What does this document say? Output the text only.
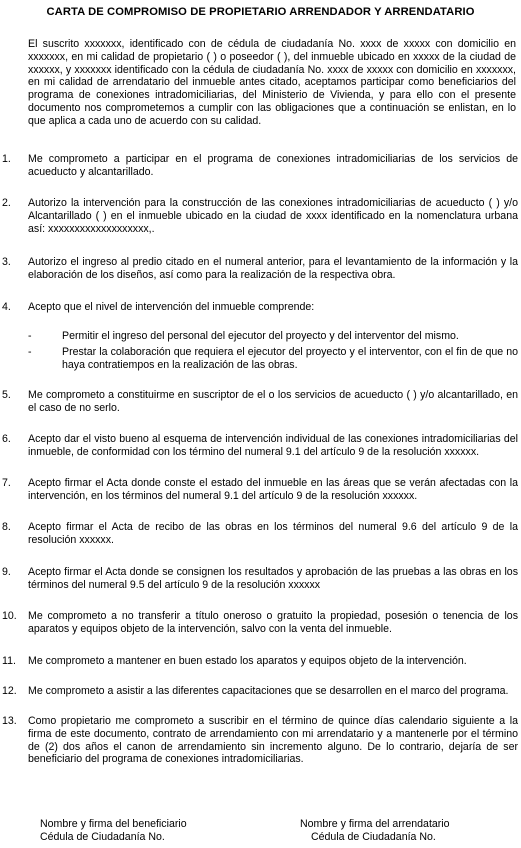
CARTA DE COMPROMISO DE PROPIETARIO ARRENDADOR Y ARRENDATARIO
El suscrito xxxxxxx, identificado con de cédula de ciudadanía No. xxxx de xxxxx con domicilio en xxxxxxx, en mi calidad de propietario ( ) o poseedor ( ), del inmueble ubicado en xxxxx de la ciudad de xxxxxx, y xxxxxxx identificado con la cédula de ciudadanía No. xxxx de xxxxx con domicilio en xxxxxxx, en mi calidad de arrendatario del inmueble antes citado, aceptamos participar como beneficiarios del programa de conexiones intradomiciliarias, del Ministerio de Vivienda, y para ello con el presente documento nos comprometemos a cumplir con las obligaciones que a continuación se enlistan, en lo que aplica a cada uno de acuerdo con su calidad.
1. Me comprometo a participar en el programa de conexiones intradomiciliarias de los servicios de acueducto y alcantarillado.
2. Autorizo la intervención para la construcción de las conexiones intradomiciliarias de acueducto ( ) y/o Alcantarillado ( ) en el inmueble ubicado en la ciudad de xxxx identificado en la nomenclatura urbana así: xxxxxxxxxxxxxxxxxxx,.
3. Autorizo el ingreso al predio citado en el numeral anterior, para el levantamiento de la información y la elaboración de los diseños, así como para la realización de la respectiva obra.
4. Acepto que el nivel de intervención del inmueble comprende:
-	Permitir el ingreso del personal del ejecutor del proyecto y del interventor del mismo.
-	Prestar la colaboración que requiera el ejecutor del proyecto y el interventor, con el fin de que no haya contratiempos en la realización de las obras.
5. Me comprometo a constituirme en suscriptor de el o los servicios de acueducto ( ) y/o alcantarillado, en el caso de no serlo.
6. Acepto dar el visto bueno al esquema de intervención individual de las conexiones intradomiciliarias del inmueble, de conformidad con los término del numeral 9.1 del artículo 9 de la resolución xxxxxx.
7. Acepto firmar el Acta donde conste el estado del inmueble en las áreas que se verán afectadas con la intervención, en los términos del numeral 9.1 del artículo 9 de la resolución xxxxxx.
8. Acepto firmar el Acta de recibo de las obras en los términos del numeral 9.6 del artículo 9 de la resolución xxxxxx.
9. Acepto firmar el Acta donde se consignen los resultados y aprobación de las pruebas a las obras en los términos del numeral 9.5 del artículo 9 de la resolución xxxxxx
10. Me comprometo a no transferir a título oneroso o gratuito la propiedad, posesión o tenencia de los aparatos y equipos objeto de la intervención, salvo con la venta del inmueble.
11. Me comprometo a mantener en buen estado los aparatos y equipos objeto de la intervención.
12. Me comprometo a asistir a las diferentes capacitaciones que se desarrollen en el marco del programa.
13. Como propietario me comprometo a suscribir en el término de quince días calendario siguiente a la firma de este documento, contrato de arrendamiento con mi arrendatario y a mantenerle por el término de (2) dos años el canon de arrendamiento sin incremento alguno. De lo contrario, dejaría de ser beneficiario del programa de conexiones intradomiciliarias.
Nombre y firma del beneficiario
Cédula de Ciudadanía No.
Nombre y firma del arrendatario
Cédula de Ciudadanía No.
